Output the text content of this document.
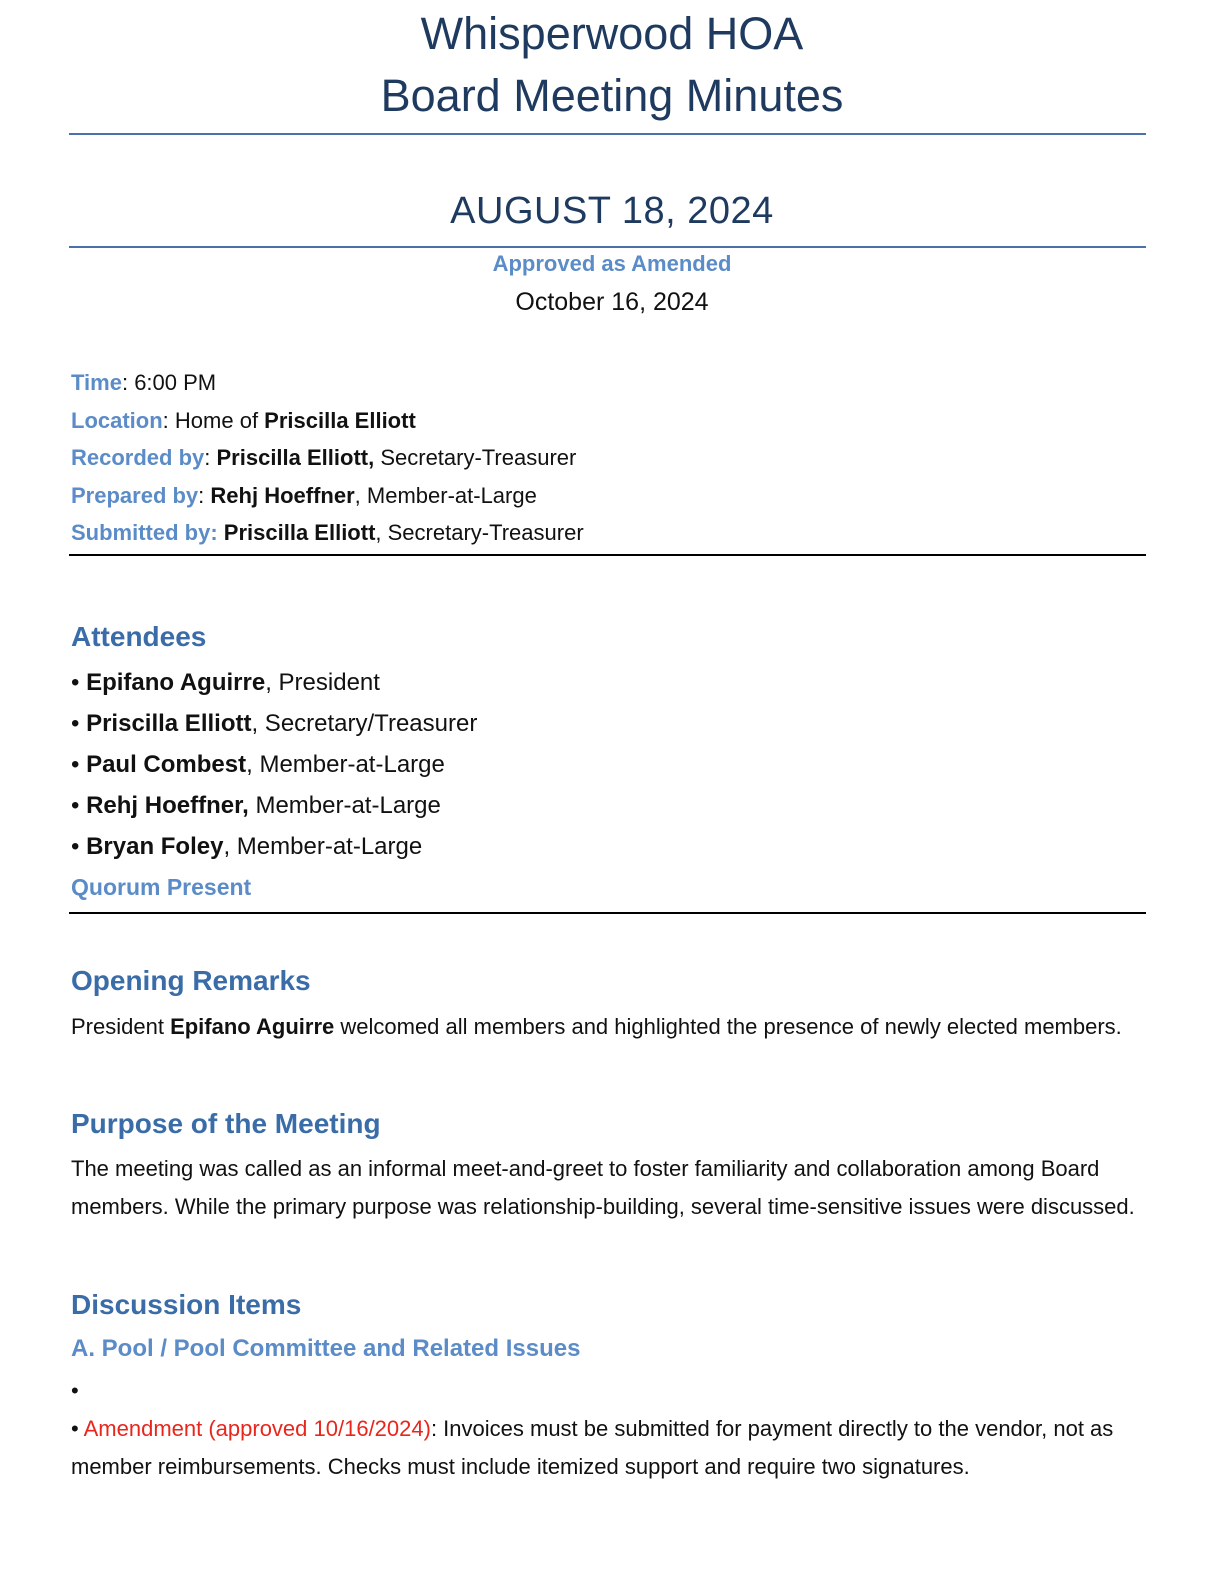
Whisperwood HOA
Board Meeting Minutes
AUGUST 18, 2024
Approved as Amended
October 16, 2024
Time: 6:00 PM
Location: Home of Priscilla Elliott
Recorded by: Priscilla Elliott, Secretary-Treasurer
Prepared by: Rehj Hoeffner, Member-at-Large
Submitted by: Priscilla Elliott, Secretary-Treasurer
Attendees
• Epifano Aguirre, President
• Priscilla Elliott, Secretary/Treasurer
• Paul Combest, Member-at-Large
• Rehj Hoeffner, Member-at-Large
• Bryan Foley, Member-at-Large
Quorum Present
Opening Remarks
President Epifano Aguirre welcomed all members and highlighted the presence of newly elected members.
Purpose of the Meeting
The meeting was called as an informal meet-and-greet to foster familiarity and collaboration among Board members. While the primary purpose was relationship-building, several time-sensitive issues were discussed.
Discussion Items
A. Pool / Pool Committee and Related Issues
•
• Amendment (approved 10/16/2024): Invoices must be submitted for payment directly to the vendor, not as member reimbursements. Checks must include itemized support and require two signatures.
